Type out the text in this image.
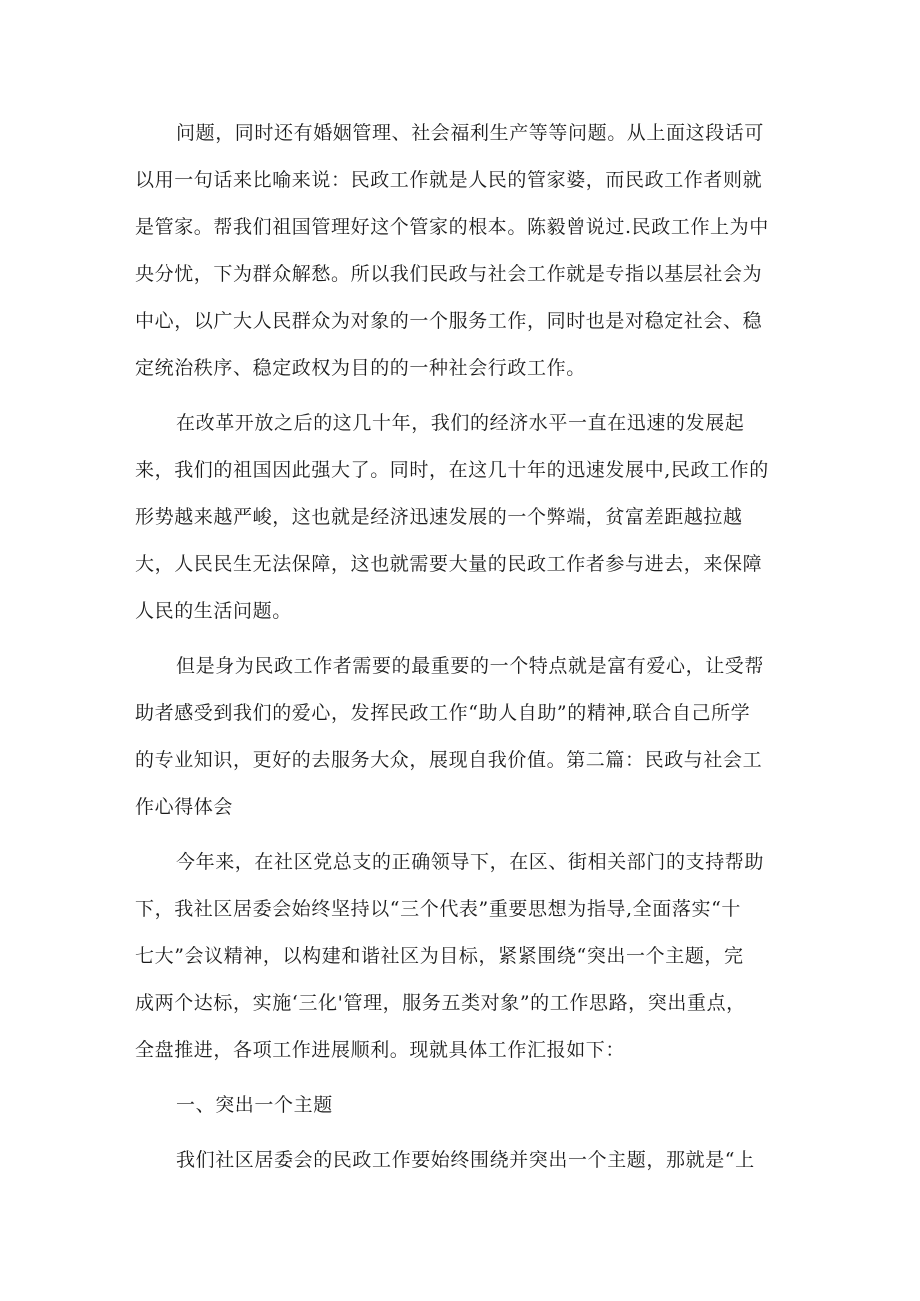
问题，同时还有婚姻管理、社会福利生产等等问题。从上面这段话可
以用一句话来比喻来说：民政工作就是人民的管家婆，而民政工作者则就
是管家。帮我们祖国管理好这个管家的根本。陈毅曾说过.民政工作上为中
央分忧，下为群众解愁。所以我们民政与社会工作就是专指以基层社会为
中心，以广大人民群众为对象的一个服务工作，同时也是对稳定社会、稳
定统治秩序、稳定政权为目的的一种社会行政工作。
在改革开放之后的这几十年，我们的经济水平一直在迅速的发展起
来，我们的祖国因此强大了。同时，在这几十年的迅速发展中,民政工作的
形势越来越严峻，这也就是经济迅速发展的一个弊端，贫富差距越拉越
大，人民民生无法保障，这也就需要大量的民政工作者参与进去，来保障
人民的生活问题。
但是身为民政工作者需要的最重要的一个特点就是富有爱心，让受帮
助者感受到我们的爱心，发挥民政工作“助人自助”的精神,联合自己所学
的专业知识，更好的去服务大众，展现自我价值。第二篇：民政与社会工
作心得体会
今年来，在社区党总支的正确领导下，在区、街相关部门的支持帮助
下，我社区居委会始终坚持以“三个代表”重要思想为指导,全面落实“十
七大”会议精神，以构建和谐社区为目标，紧紧围绕“突出一个主题，完
成两个达标，实施‘三化'管理，服务五类对象”的工作思路，突出重点，
全盘推进，各项工作进展顺利。现就具体工作汇报如下：
一、突出一个主题
我们社区居委会的民政工作要始终围绕并突出一个主题，那就是“上
